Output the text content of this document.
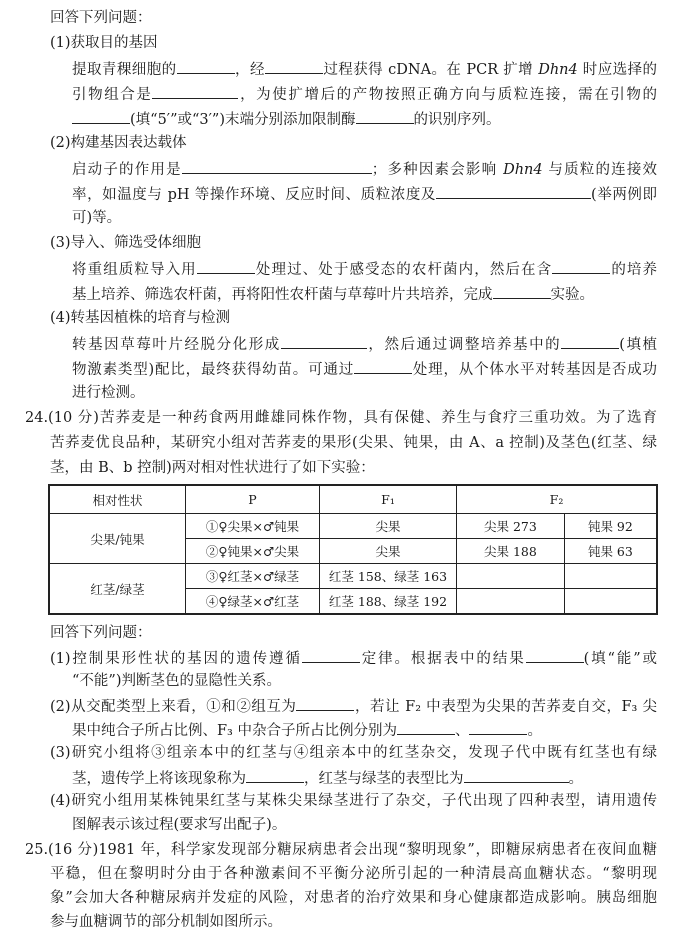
回答下列问题：
(1)获取目的基因
提取青稞细胞的	，经	过程获得 cDNA。在 PCR 扩增 Dhn4 时应选择的
引物组合是	，为使扩增后的产物按照正确方向与质粒连接，需在引物的
(填“5′”或“3′”)末端分别添加限制酶	的识别序列。
(2)构建基因表达载体
启动子的作用是	；多种因素会影响 Dhn4 与质粒的连接效
率，如温度与 pH 等操作环境、反应时间、质粒浓度及	(举两例即
可)等。
(3)导入、筛选受体细胞
将重组质粒导入用	处理过、处于感受态的农杆菌内，然后在含	的培养
基上培养、筛选农杆菌，再将阳性农杆菌与草莓叶片共培养，完成	实验。
(4)转基因植株的培育与检测
转基因草莓叶片经脱分化形成	，然后通过调整培养基中的	(填植
物激素类型)配比，最终获得幼苗。可通过	处理，从个体水平对转基因是否成功
进行检测。
24.(10 分)苦荞麦是一种药食两用雌雄同株作物，具有保健、养生与食疗三重功效。为了选育
苦荞麦优良品种，某研究小组对苦荞麦的果形(尖果、钝果，由 A、a 控制)及茎色(红茎、绿
茎，由 B、b 控制)两对相对性状进行了如下实验：
相对性状	P	F₁	F₂	
尖果/钝果	①♀尖果×♂钝果	尖果	尖果 273	钝果 92
	②♀钝果×♂尖果	尖果	尖果 188	钝果 63
红茎/绿茎	③♀红茎×♂绿茎	红茎 158、绿茎 163		
	④♀绿茎×♂红茎	红茎 188、绿茎 192		
回答下列问题：
(1)控制果形性状的基因的遗传遵循	定律。根据表中的结果	(填“能”或
“不能”)判断茎色的显隐性关系。
(2)从交配类型上来看，①和②组互为	，若让 F₂ 中表型为尖果的苦荞麦自交，F₃ 尖
果中纯合子所占比例、F₃ 中杂合子所占比例分别为	、	。
(3)研究小组将③组亲本中的红茎与④组亲本中的红茎杂交，发现子代中既有红茎也有绿
茎，遗传学上将该现象称为	，红茎与绿茎的表型比为	。
(4)研究小组用某株钝果红茎与某株尖果绿茎进行了杂交，子代出现了四种表型，请用遗传
图解表示该过程(要求写出配子)。
25.(16 分)1981 年，科学家发现部分糖尿病患者会出现“黎明现象”，即糖尿病患者在夜间血糖
平稳，但在黎明时分由于各种激素间不平衡分泌所引起的一种清晨高血糖状态。“黎明现
象”会加大各种糖尿病并发症的风险，对患者的治疗效果和身心健康都造成影响。胰岛细胞
参与血糖调节的部分机制如图所示。
